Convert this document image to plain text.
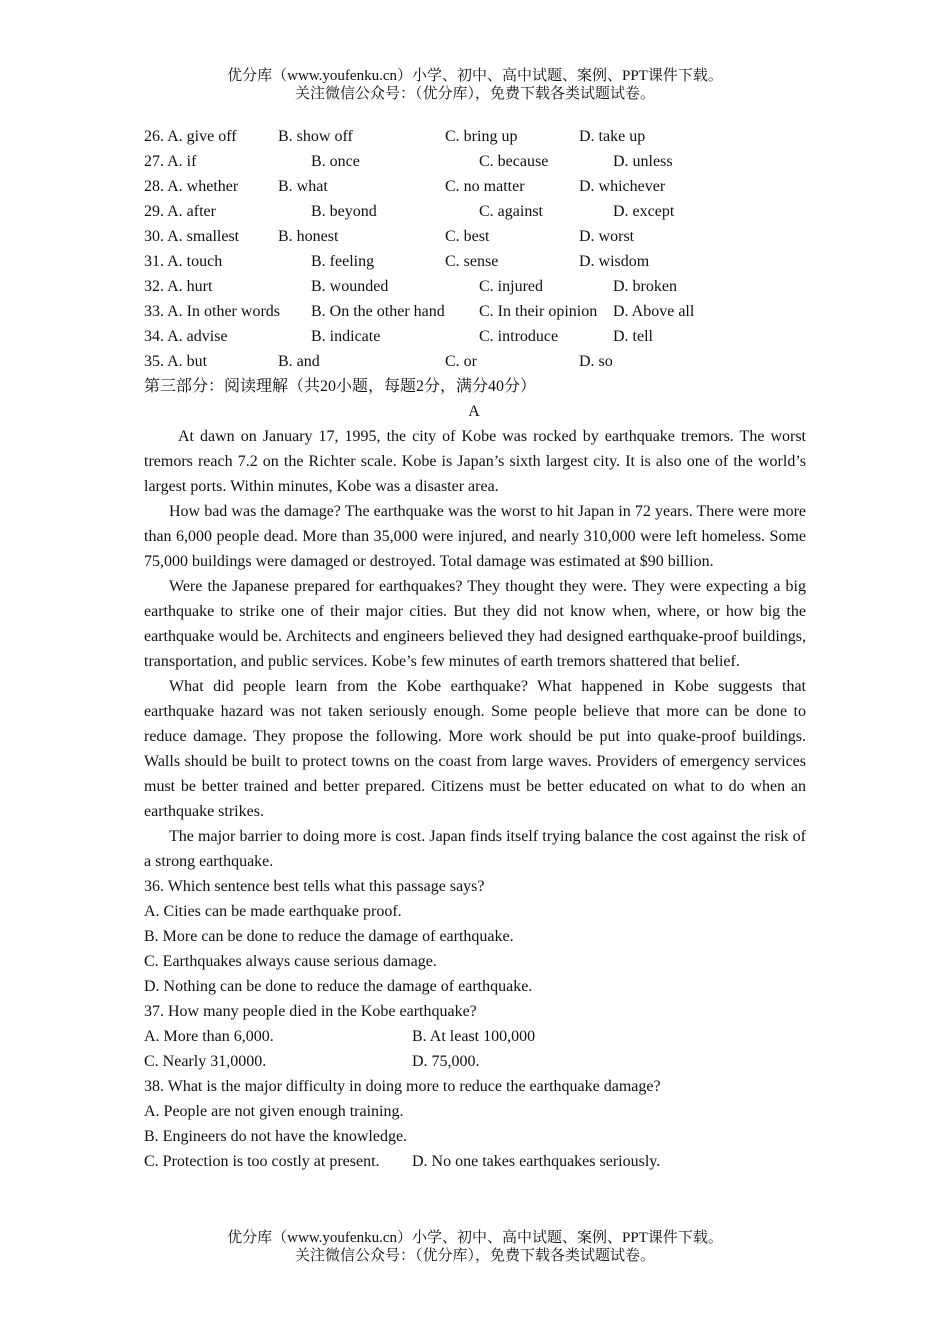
优分库（www.youfenku.cn）小学、初中、高中试题、案例、PPT课件下载。
关注微信公众号：（优分库），免费下载各类试题试卷。
26. A. give off	B. show off	C. bring up	D. take up
27. A. if	B. once	C. because	D. unless
28. A. whether B. what	C. no matter	D. whichever
29. A. after	B. beyond	C. against	D. except
30. A. smallest B. honest	C. best	D. worst
31. A. touch	B. feeling	C. sense	D. wisdom
32. A. hurt	B. wounded	C. injured	D. broken
33. A. In other words B. On the other hand C. In their opinion D. Above all
34. A. advise	B. indicate	C. introduce	D. tell
35. A. but	B. and	C. or	D. so
第三部分：阅读理解（共20小题，每题2分，满分40分）
A
At dawn on January 17, 1995, the city of Kobe was rocked by earthquake tremors. The worst tremors reach 7.2 on the Richter scale. Kobe is Japan’s sixth largest city. It is also one of the world’s largest ports. Within minutes, Kobe was a disaster area.
How bad was the damage? The earthquake was the worst to hit Japan in 72 years. There were more than 6,000 people dead. More than 35,000 were injured, and nearly 310,000 were left homeless. Some 75,000 buildings were damaged or destroyed. Total damage was estimated at $90 billion.
Were the Japanese prepared for earthquakes? They thought they were. They were expecting a big earthquake to strike one of their major cities. But they did not know when, where, or how big the earthquake would be. Architects and engineers believed they had designed earthquake-proof buildings, transportation, and public services. Kobe’s few minutes of earth tremors shattered that belief.
What did people learn from the Kobe earthquake? What happened in Kobe suggests that earthquake hazard was not taken seriously enough. Some people believe that more can be done to reduce damage. They propose the following. More work should be put into quake-proof buildings. Walls should be built to protect towns on the coast from large waves. Providers of emergency services must be better trained and better prepared. Citizens must be better educated on what to do when an earthquake strikes.
The major barrier to doing more is cost. Japan finds itself trying balance the cost against the risk of a strong earthquake.
36. Which sentence best tells what this passage says?
A. Cities can be made earthquake proof.
B. More can be done to reduce the damage of earthquake.
C. Earthquakes always cause serious damage.
D. Nothing can be done to reduce the damage of earthquake.
37. How many people died in the Kobe earthquake?
A. More than 6,000.	B. At least 100,000
C. Nearly 31,0000.	D. 75,000.
38. What is the major difficulty in doing more to reduce the earthquake damage?
A. People are not given enough training.
B. Engineers do not have the knowledge.
C. Protection is too costly at present. D. No one takes earthquakes seriously.
优分库（www.youfenku.cn）小学、初中、高中试题、案例、PPT课件下载。
关注微信公众号：（优分库），免费下载各类试题试卷。
